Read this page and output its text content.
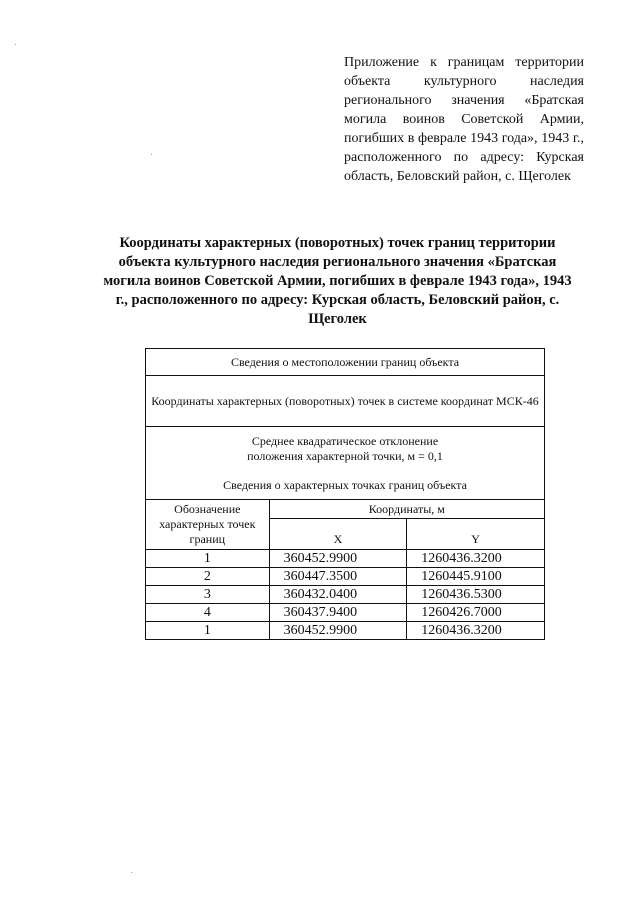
Приложение к границам территории объекта культурного наследия регионального значения «Братская могила воинов Советской Армии, погибших в феврале 1943 года», 1943 г., расположенного по адресу: Курская область, Беловский район, с. Щеголек
Координаты характерных (поворотных) точек границ территории объекта культурного наследия регионального значения «Братская могила воинов Советской Армии, погибших в феврале 1943 года», 1943 г., расположенного по адресу: Курская область, Беловский район, с. Щеголек
Сведения о местоположении границ объекта		
Координаты характерных (поворотных) точек в системе координат МСК-46		
Среднее квадратическое отклонение
положения характерной точки, м = 0,1
Сведения о характерных точках границ объекта		
Обозначение характерных точек границ	Координаты, м	
	X	Y
1	360452.9900	1260436.3200
2	360447.3500	1260445.9100
3	360432.0400	1260436.5300
4	360437.9400	1260426.7000
1	360452.9900	1260436.3200
·
·
·
